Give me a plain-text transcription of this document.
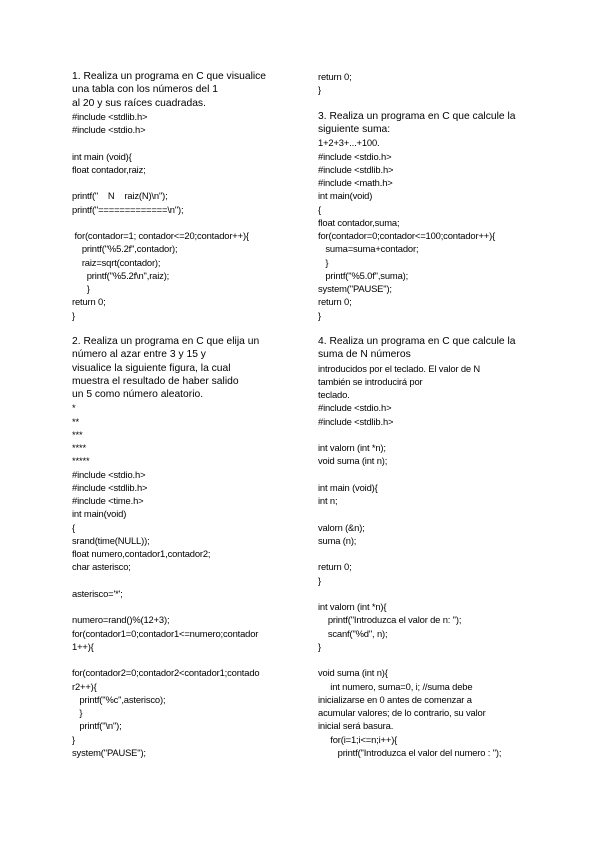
1. Realiza un programa en C que visualice
una tabla con los números del 1
al 20 y sus raíces cuadradas.
#include <stdlib.h>
#include <stdio.h>
int main (void){
float contador,raiz;
printf("    N    raiz(N)\n");
printf("=============\n");
for(contador=1; contador<=20;contador++){
printf("%5.2f",contador);
raiz=sqrt(contador);
printf("%5.2f\n",raiz);
}
return 0;
}
2. Realiza un programa en C que elija un
número al azar entre 3 y 15 y
visualice la siguiente figura, la cual
muestra el resultado de haber salido
un 5 como número aleatorio.
*
**
***
****
*****
#include <stdio.h>
#include <stdlib.h>
#include <time.h>
int main(void)
{
srand(time(NULL));
float numero,contador1,contador2;
char asterisco;
asterisco='*';
numero=rand()%(12+3);
for(contador1=0;contador1<=numero;contador
1++){
for(contador2=0;contador2<contador1;contado
r2++){
printf("%c",asterisco);
}
printf("\n");
}
system("PAUSE");
return 0;
}
3. Realiza un programa en C que calcule la
siguiente suma:
1+2+3+...+100.
#include <stdio.h>
#include <stdlib.h>
#include <math.h>
int main(void)
{
float contador,suma;
for(contador=0;contador<=100;contador++){
suma=suma+contador;
}
printf("%5.0f",suma);
system("PAUSE");
return 0;
}
4. Realiza un programa en C que calcule la
suma de N números
introducidos por el teclado. El valor de N
también se introducirá por
teclado.
#include <stdio.h>
#include <stdlib.h>
int valorn (int *n);
void suma (int n);
int main (void){
int n;
valorn (&n);
suma (n);
return 0;
}
int valorn (int *n){
printf("Introduzca el valor de n: ");
scanf("%d", n);
}
void suma (int n){
int numero, suma=0, i; //suma debe
inicializarse en 0 antes de comenzar a
acumular valores; de lo contrario, su valor
inicial será basura.
for(i=1;i<=n;i++){
printf("Introduzca el valor del numero : ");
